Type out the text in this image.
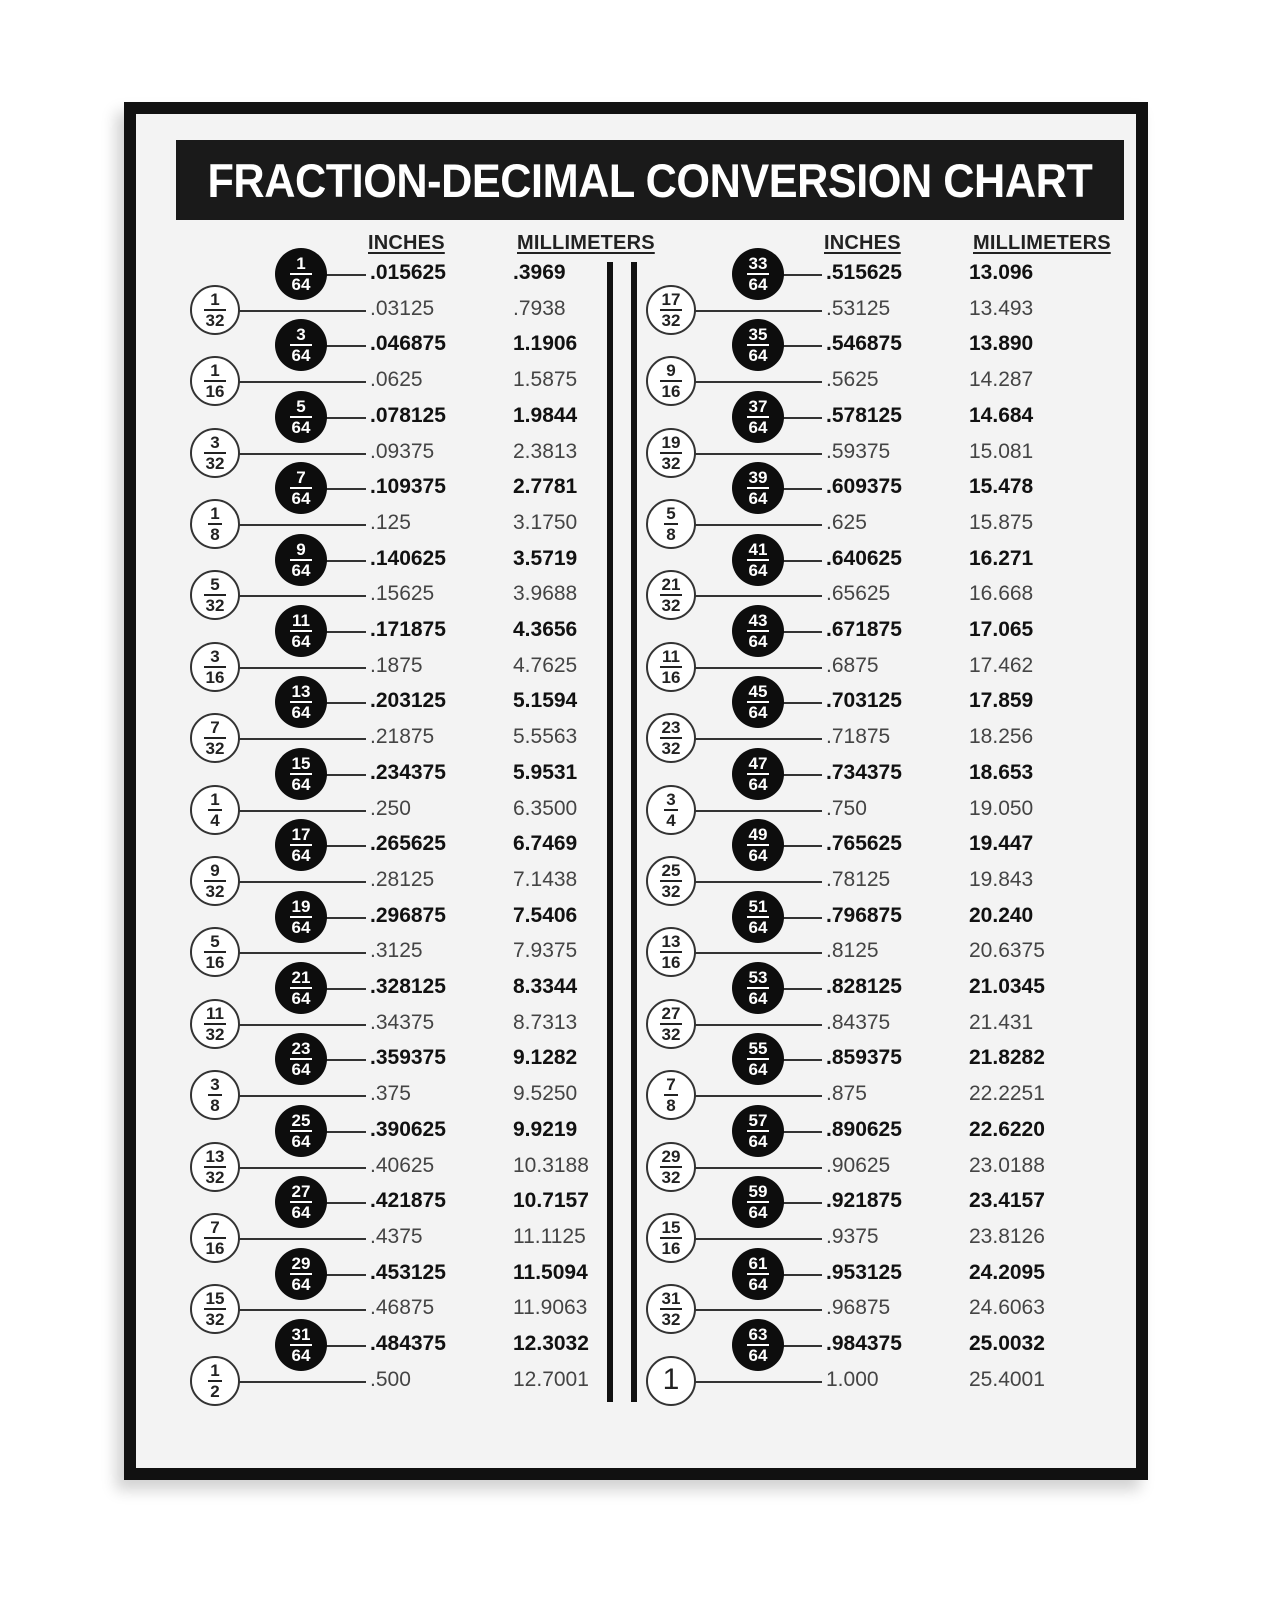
FRACTION-DECIMAL CONVERSION CHART
INCHES	MILLIMETERS	INCHES	MILLIMETERS
$\frac{1}{64} .015625$	.3969
$\frac{1}{32}$	.03125	.7938
$\frac{3}{64} .046875$	1.1906
$\frac{1}{16}$	.0625	1.5875
$\frac{5}{64} .078125$	1.9844
$\frac{3}{32}$	.09375	2.3813
$\frac{7}{64} .109375$	2.7781
$\frac{1}{8}$	.125	3.1750
$\frac{9}{64} .140625$	3.5719
$\frac{5}{32}$	.15625	3.9688
$\frac{11}{64} .171875$	4.3656
$\frac{3}{16}$	.1875	4.7625
$\frac{13}{64} .203125$	5.1594
$\frac{7}{32}$	.21875	5.5563
$\frac{15}{64} .234375$	5.9531
$\frac{1}{4}$	.250	6.3500
$\frac{17}{64} .265625$	6.7469
$\frac{9}{32}$	.28125	7.1438
$\frac{19}{64} .296875$	7.5406
$\frac{5}{16}$	.3125	7.9375
$\frac{21}{64} .328125$	8.3344
$\frac{11}{32}$	.34375	8.7313
$\frac{23}{64} .359375$	9.1282
$\frac{3}{8}$	.375	9.5250
$\frac{25}{64} .390625$	9.9219
$\frac{13}{32}$	.40625	10.3188
$\frac{27}{64} .421875$	10.7157
$\frac{7}{16}$	.4375	11.1125
$\frac{29}{64} .453125$	11.5094
$\frac{15}{32}$	.46875	11.9063
$\frac{31}{64} .484375$	12.3032
$\frac{1}{2}$	.500	12.7001
$\frac{33}{64} .515625$	13.096
$\frac{17}{32}$	.53125	13.493
$\frac{35}{64} .546875$	13.890
$\frac{9}{16}$	.5625	14.287
$\frac{37}{64} .578125$	14.684
$\frac{19}{32}$	.59375	15.081
$\frac{39}{64} .609375$	15.478
$\frac{5}{8}$	.625	15.875
$\frac{41}{64} .640625$	16.271
$\frac{21}{32}$	.65625	16.668
$\frac{43}{64} .671875$	17.065
$\frac{11}{16}$	.6875	17.462
$\frac{45}{64} .703125$	17.859
$\frac{23}{32}$	.71875	18.256
$\frac{47}{64} .734375$	18.653
$\frac{3}{4}$	.750	19.050
$\frac{49}{64} .765625$	19.447
$\frac{25}{32}$	.78125	19.843
$\frac{51}{64} .796875$	20.240
$\frac{13}{16}$	.8125	20.6375
$\frac{53}{64} .828125$	21.0345
$\frac{27}{32}$	.84375	21.431
$\frac{55}{64} .859375$	21.8282
$\frac{7}{8}$	.875	22.2251
$\frac{57}{64} .890625$	22.6220
$\frac{29}{32}$	.90625	23.0188
$\frac{59}{64} .921875$	23.4157
$\frac{15}{16}$	.9375	23.8126
$\frac{61}{64} .953125$	24.2095
$\frac{31}{32}$	.96875	24.6063
$\frac{63}{64} .984375$	25.0032
1	1.000	25.4001
